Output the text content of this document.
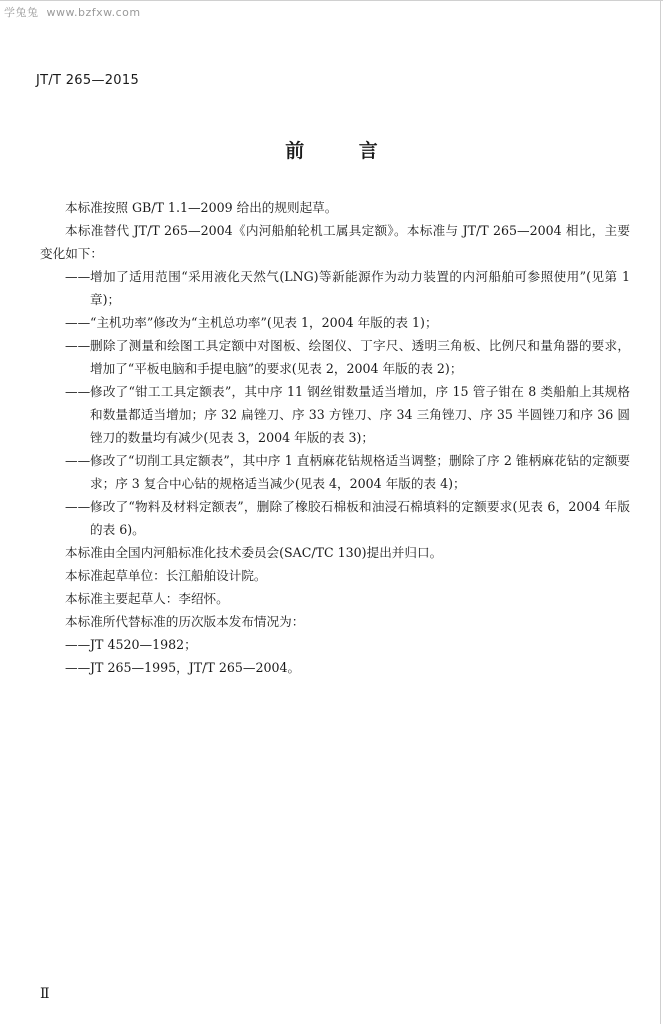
学兔兔 www.bzfxw.com
JT/T 265—2015
前 言

本标准按照 GB/T 1.1—2009 给出的规则起草。

本标准替代 JT/T 265—2004《内河船舶轮机工属具定额》。本标准与 JT/T 265—2004 相比，主要变化如下：

—— 增加了适用范围“采用液化天然气(LNG)等新能源作为动力装置的内河船舶可参照使用”(见第 1 章)；
—— “主机功率”修改为“主机总功率”(见表 1，2004 年版的表 1)；
—— 删除了测量和绘图工具定额中对图板、绘图仪、丁字尺、透明三角板、比例尺和量角器的要求，增加了“平板电脑和手提电脑”的要求(见表 2，2004 年版的表 2)；
—— 修改了“钳工工具定额表”，其中序 11 钢丝钳数量适当增加，序 15 管子钳在 8 类船舶上其规格和数量都适当增加；序 32 扁锉刀、序 33 方锉刀、序 34 三角锉刀、序 35 半圆锉刀和序 36 圆锉刀的数量均有减少(见表 3，2004 年版的表 3)；
—— 修改了“切削工具定额表”，其中序 1 直柄麻花钻规格适当调整；删除了序 2 锥柄麻花钻的定额要求；序 3 复合中心钻的规格适当减少(见表 4，2004 年版的表 4)；
—— 修改了“物料及材料定额表”，删除了橡胶石棉板和油浸石棉填料的定额要求(见表 6，2004 年版的表 6)。

本标准由全国内河船标准化技术委员会(SAC/TC 130)提出并归口。

本标准起草单位：长江船舶设计院。

本标准主要起草人：李绍怀。

本标准所代替标准的历次版本发布情况为：

—— JT 4520—1982；
—— JT 265—1995，JT/T 265—2004。
Ⅱ
